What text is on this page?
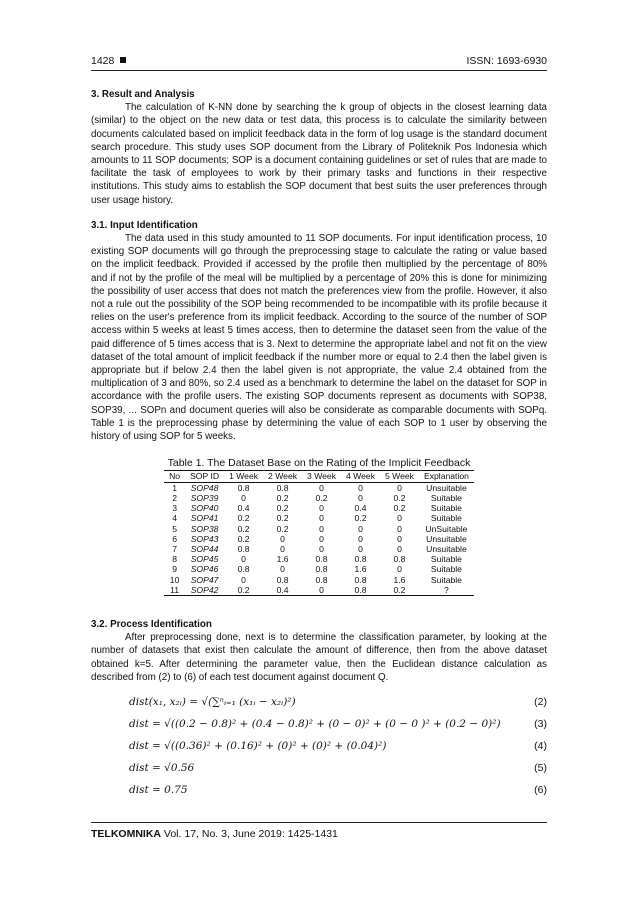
1428	ISSN: 1693-6930
3. Result and Analysis

The calculation of K-NN done by searching the k group of objects in the closest learning data (similar) to the object on the new data or test data, this process is to calculate the similarity between documents calculated based on implicit feedback data in the form of log usage is the standard document search procedure. This study uses SOP document from the Library of Politeknik Pos Indonesia which amounts to 11 SOP documents; SOP is a document containing guidelines or set of rules that are made to facilitate the task of employees to work by their primary tasks and functions in their respective institutions. This study aims to establish the SOP document that best suits the user preferences through user usage history.

3.1. Input Identification

The data used in this study amounted to 11 SOP documents. For input identification process, 10 existing SOP documents will go through the preprocessing stage to calculate the rating or value based on the implicit feedback. Provided if accessed by the profile then multiplied by the percentage of 80% and if not by the profile of the meal will be multiplied by a percentage of 20% this is done for minimizing the possibility of user access that does not match the preferences view from the profile. However, it also not a rule out the possibility of the SOP being recommended to be incompatible with its profile because it relies on the user's preference from its implicit feedback. According to the source of the number of SOP access within 5 weeks at least 5 times access, then to determine the dataset seen from the value of the paid difference of 5 times access that is 3. Next to determine the appropriate label and not fit on the view dataset of the total amount of implicit feedback if the number more or equal to 2.4 then the label given is appropriate but if below 2.4 then the label given is not appropriate, the value 2.4 obtained from the multiplication of 3 and 80%, so 2.4 used as a benchmark to determine the label on the dataset for SOP in accordance with the profile users. The existing SOP documents represent as documents with SOP38, SOP39, ... SOPn and document queries will also be considerate as comparable documents with SOPq. Table 1 is the preprocessing phase by determining the value of each SOP to 1 user by observing the history of using SOP for 5 weeks.

Table 1. The Dataset Base on the Rating of the Implicit Feedback
No	SOP ID	1 Week	2 Week	3 Week	4 Week	5 Week	Explanation
1	SOP48	0.8	0.8	0	0	0	Unsuitable
2	SOP39	0	0.2	0.2	0	0.2	Suitable
3	SOP40	0.4	0.2	0	0.4	0.2	Suitable
4	SOP41	0.2	0.2	0	0.2	0	Suitable
5	SOP38	0.2	0.2	0	0	0	UnSuitable
6	SOP43	0.2	0	0	0	0	Unsuitable
7	SOP44	0.8	0	0	0	0	Unsuitable
8	SOP45	0	1.6	0.8	0.8	0.8	Suitable
9	SOP46	0.8	0	0.8	1.6	0	Suitable
10	SOP47	0	0.8	0.8	0.8	1.6	Suitable
11	SOP42	0.2	0.4	0	0.8	0.2	?
3.2. Process Identification

After preprocessing done, next is to determine the classification parameter, by looking at the number of datasets that exist then calculate the amount of difference, then from the above dataset obtained k=5. After determining the parameter value, then the Euclidean distance calculation as described from (2) to (6) of each test document against document Q.

dist(x₁, x₂ᵢ) = √(∑ⁿᵢ₌₁ (x₁ᵢ − x₂ᵢ)²)	(2)
dist = √((0.2 − 0.8)² + (0.4 − 0.8)² + (0 − 0)² + (0 − 0 )² + (0.2 − 0)²)	(3)
dist = √((0.36)² + (0.16)² + (0)² + (0)² + (0.04)²)	(4)
dist = √0.56	(5)
dist = 0.75	(6)
TELKOMNIKA Vol. 17, No. 3, June 2019: 1425-1431
